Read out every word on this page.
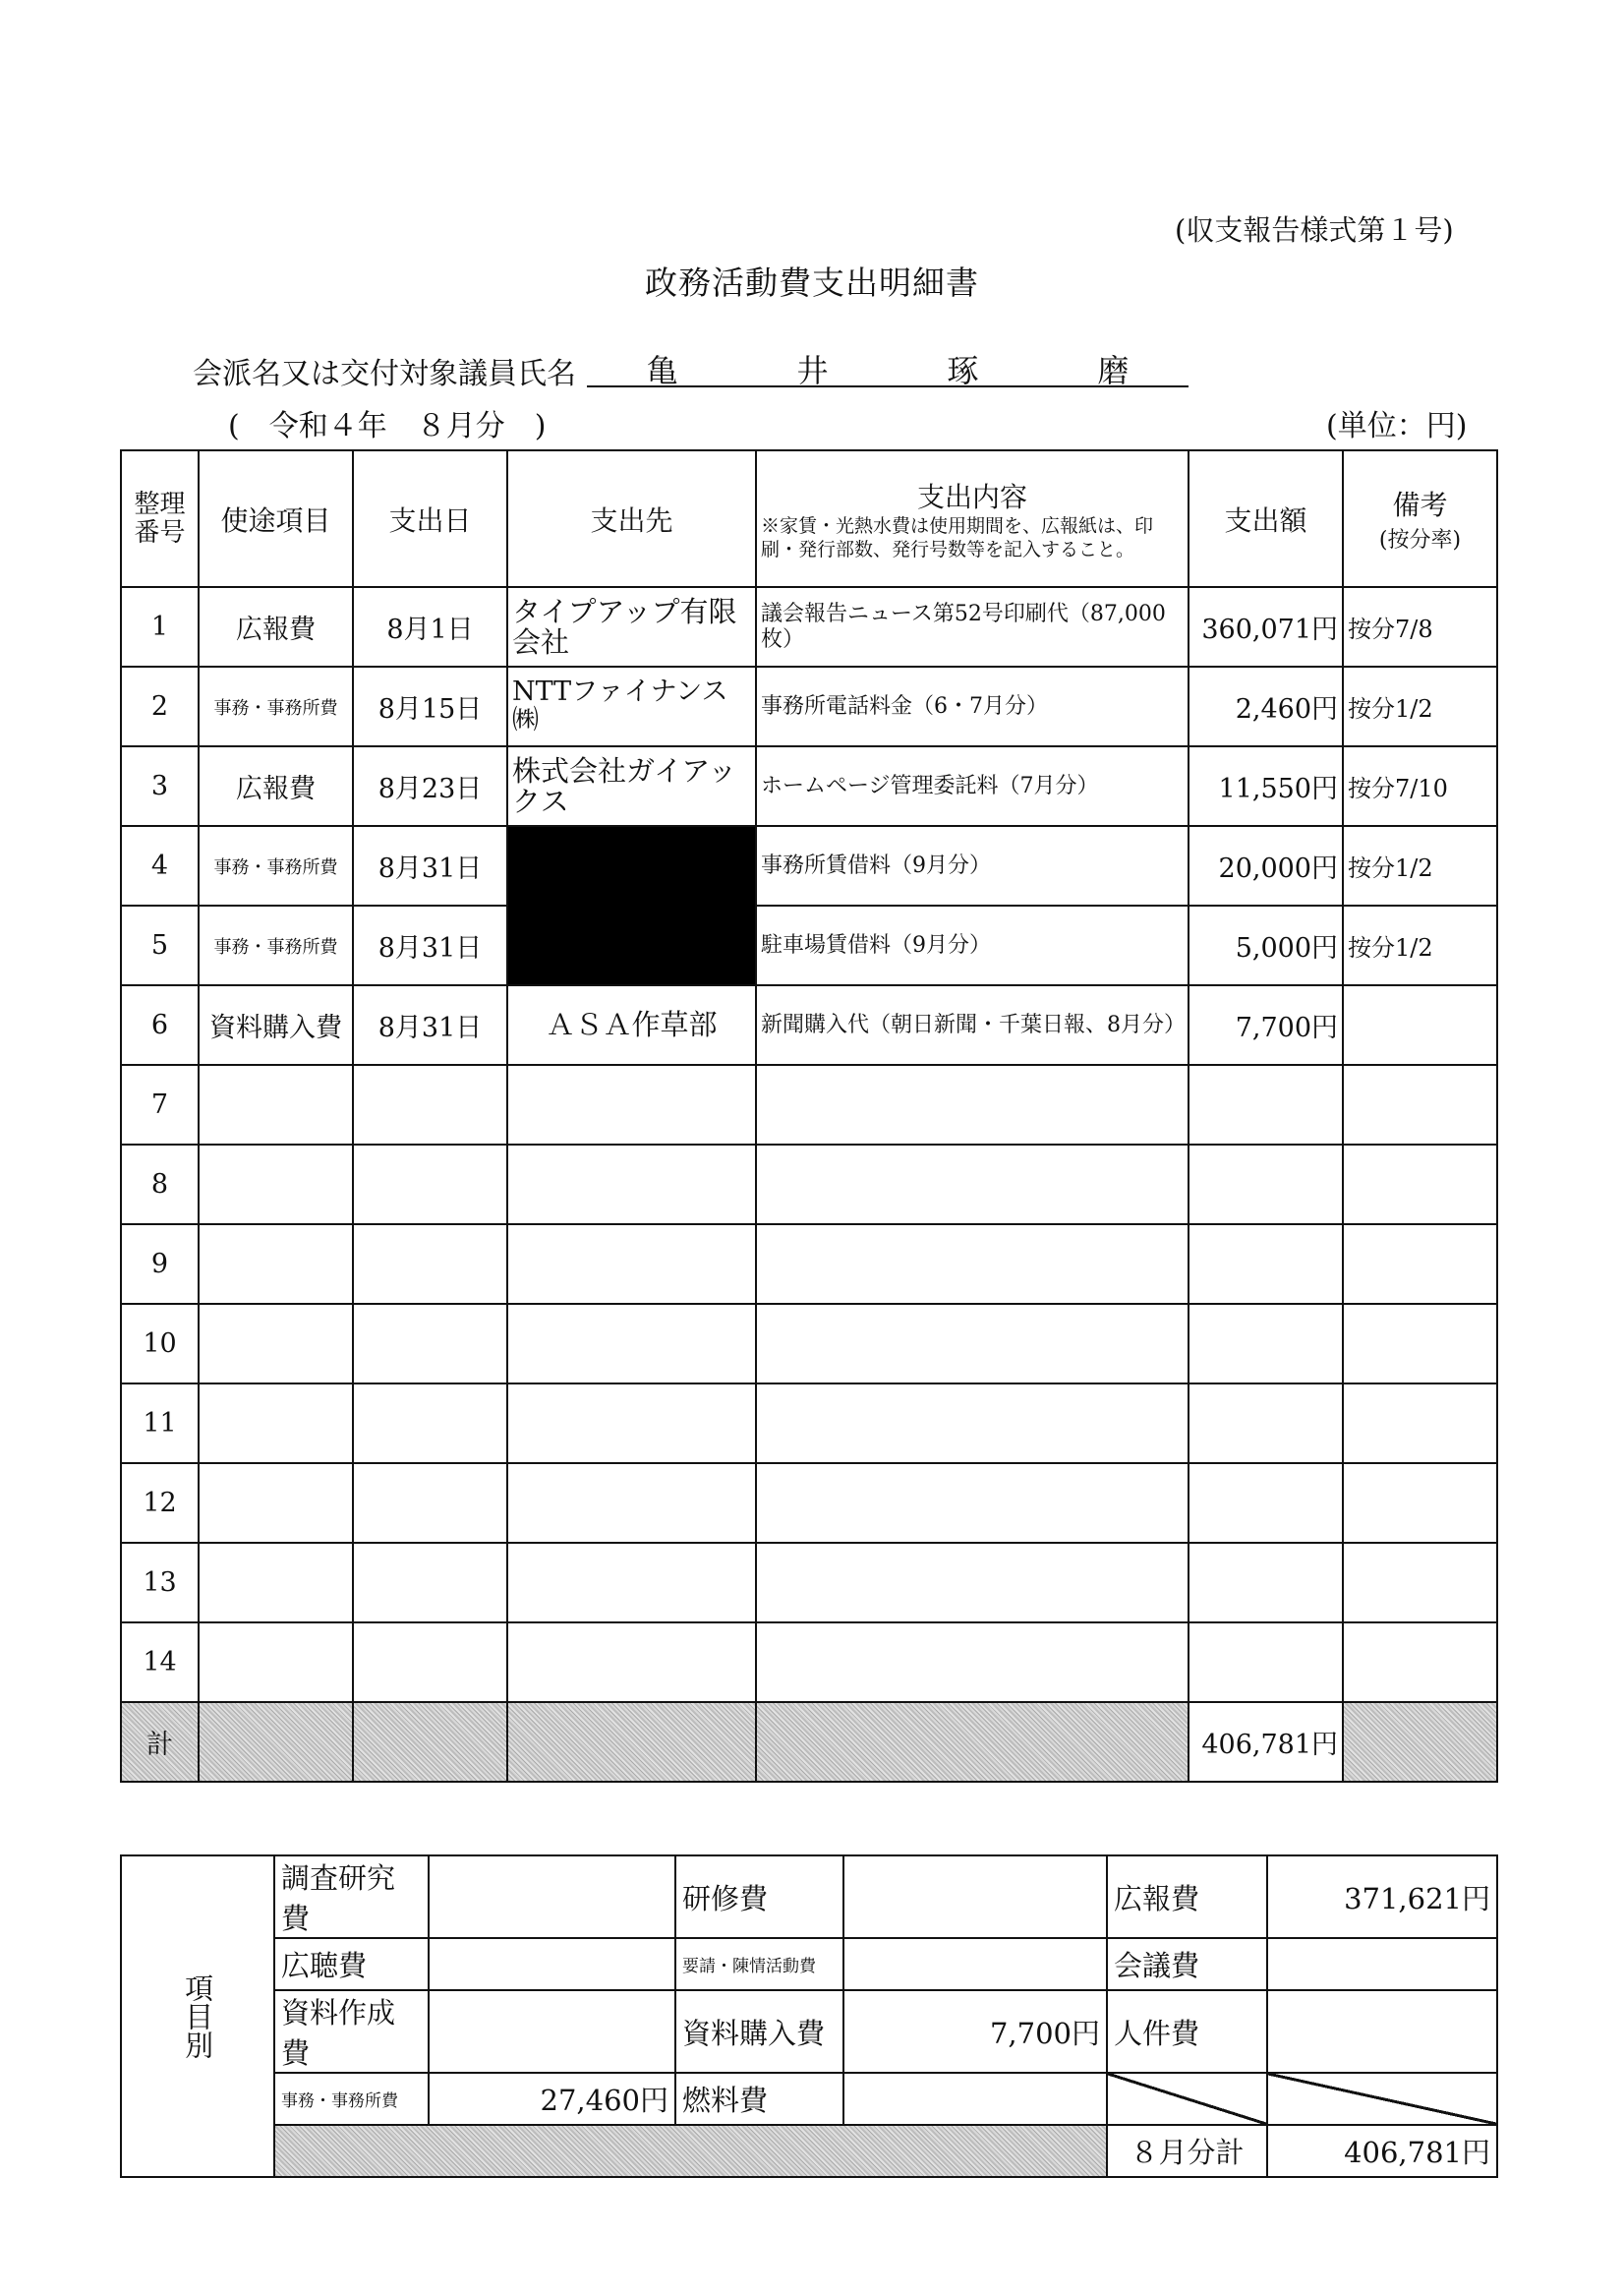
(収支報告様式第１号)
政務活動費支出明細書
会派名又は交付対象議員氏名 亀	井	琢	磨
(　令和４年　８月分　)	(単位：円)
整理番号	使途項目	支出日	支出先	支出内容
※家賃・光熱水費は使用期間を、広報紙は、印刷・発行部数、発行号数等を記入すること。	支出額	備考
(按分率)

1	広報費	8月1日	タイプアップ有限会社	議会報告ニュース第52号印刷代（87,000枚）	360,071円	按分7/8
2	事務・事務所費	8月15日	NTTファイナンス㈱	事務所電話料金（6・7月分）	2,460円	按分1/2
3	広報費	8月23日	株式会社ガイアックス	ホームページ管理委託料（7月分）	11,550円	按分7/10
4	事務・事務所費	8月31日		事務所賃借料（9月分）	20,000円	按分1/2
5	事務・事務所費	8月31日		駐車場賃借料（9月分）	5,000円	按分1/2
6	資料購入費	8月31日	ＡＳＡ作草部	新聞購入代（朝日新聞・千葉日報、8月分）	7,700円	
7						
8						
9						
10						
11						
12						
13						
14						
計					406,781円	
項目別	調査研究費		研修費		広報費	371,621円
	広聴費		要請・陳情活動費		会議費	
	資料作成費		資料購入費	7,700円	人件費	
	事務・事務所費	27,460円	燃料費			
					８月分計	406,781円
